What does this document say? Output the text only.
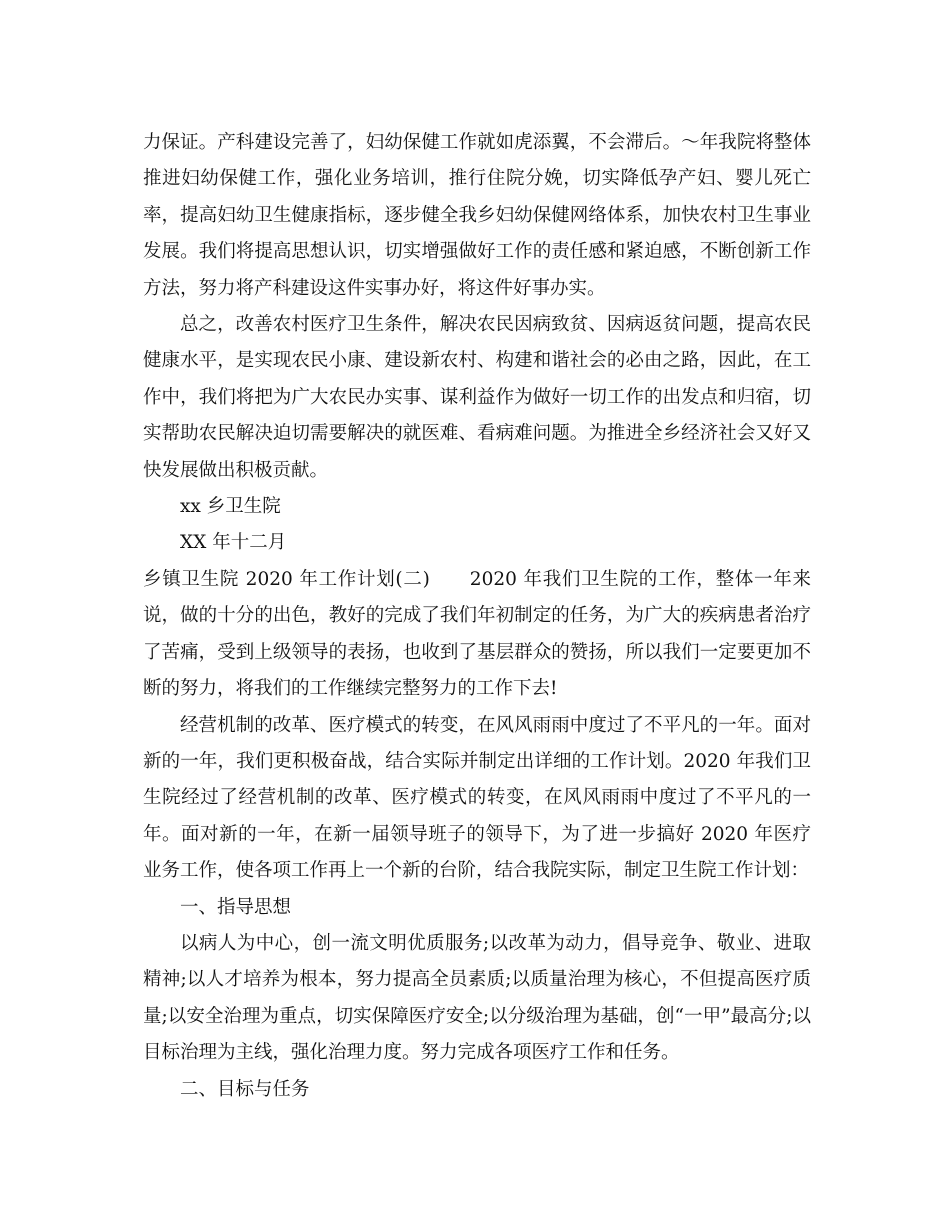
力保证。产科建设完善了，妇幼保健工作就如虎添翼，不会滞后。～年我院将整体推进妇幼保健工作，强化业务培训，推行住院分娩，切实降低孕产妇、婴儿死亡率，提高妇幼卫生健康指标，逐步健全我乡妇幼保健网络体系，加快农村卫生事业发展。我们将提高思想认识，切实增强做好工作的责任感和紧迫感，不断创新工作方法，努力将产科建设这件实事办好，将这件好事办实。

总之，改善农村医疗卫生条件，解决农民因病致贫、因病返贫问题，提高农民健康水平，是实现农民小康、建设新农村、构建和谐社会的必由之路，因此，在工作中，我们将把为广大农民办实事、谋利益作为做好一切工作的出发点和归宿，切实帮助农民解决迫切需要解决的就医难、看病难问题。为推进全乡经济社会又好又快发展做出积极贡献。

xx 乡卫生院

XX 年十二月

乡镇卫生院 2020 年工作计划(二) 2020 年我们卫生院的工作，整体一年来说，做的十分的出色，教好的完成了我们年初制定的任务，为广大的疾病患者治疗了苦痛，受到上级领导的表扬，也收到了基层群众的赞扬，所以我们一定要更加不断的努力，将我们的工作继续完整努力的工作下去!

经营机制的改革、医疗模式的转变，在风风雨雨中度过了不平凡的一年。面对新的一年，我们更积极奋战，结合实际并制定出详细的工作计划。2020 年我们卫生院经过了经营机制的改革、医疗模式的转变，在风风雨雨中度过了不平凡的一年。面对新的一年，在新一届领导班子的领导下，为了进一步搞好 2020 年医疗业务工作，使各项工作再上一个新的台阶，结合我院实际，制定卫生院工作计划：

一、指导思想

以病人为中心，创一流文明优质服务;以改革为动力，倡导竞争、敬业、进取精神;以人才培养为根本，努力提高全员素质;以质量治理为核心，不但提高医疗质量;以安全治理为重点，切实保障医疗安全;以分级治理为基础，创“一甲”最高分;以目标治理为主线，强化治理力度。努力完成各项医疗工作和任务。

二、目标与任务
